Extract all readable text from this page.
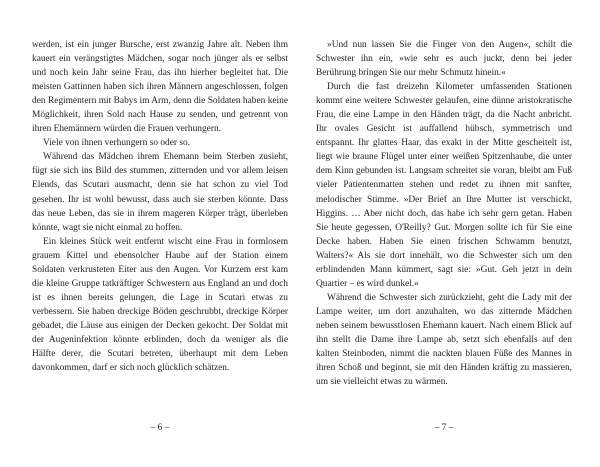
werden, ist ein junger Bursche, erst zwanzig Jahre alt. Neben ihm kauert ein verängstigtes Mädchen, sogar noch jünger als er selbst und noch kein Jahr seine Frau, das ihn hierher begleitet hat. Die meisten Gattinnen haben sich ihren Männern angeschlossen, folgen den Regimentern mit Babys im Arm, denn die Soldaten haben keine Möglichkeit, ihren Sold nach Hause zu senden, und getrennt von ihren Ehemännern würden die Frauen verhungern.

Viele von ihnen verhungern so oder so.

Während das Mädchen ihrem Ehemann beim Sterben zusieht, fügt sie sich ins Bild des stummen, zitternden und vor allem leisen Elends, das Scutari ausmacht, denn sie hat schon zu viel Tod gesehen. Ihr ist wohl bewusst, dass auch sie sterben könnte. Dass das neue Leben, das sie in ihrem mageren Körper trägt, überleben könnte, wagt sie nicht einmal zu hoffen.

Ein kleines Stück weit entfernt wischt eine Frau in formlosem grauem Kittel und ebensolcher Haube auf der Station einem Soldaten verkrusteten Eiter aus den Augen. Vor Kurzem erst kam die kleine Gruppe tatkräftiger Schwestern aus England an und doch ist es ihnen bereits gelungen, die Lage in Scutari etwas zu verbessern. Sie haben dreckige Böden geschrubbt, dreckige Körper gebadet, die Läuse aus einigen der Decken gekocht. Der Soldat mit der Augeninfektion könnte erblinden, doch da weniger als die Hälfte derer, die Scutari betreten, überhaupt mit dem Leben davonkommen, darf er sich noch glücklich schätzen.

– 6 –

»Und nun lassen Sie die Finger von den Augen«, schilt die Schwester ihn ein, »wie sehr es auch juckt, denn bei jeder Berührung bringen Sie nur mehr Schmutz hinein.«

Durch die fast dreizehn Kilometer umfassenden Stationen kommt eine weitere Schwester gelaufen, eine dünne aristokratische Frau, die eine Lampe in den Händen trägt, da die Nacht anbricht. Ihr ovales Gesicht ist auffallend hübsch, symmetrisch und entspannt. Ihr glattes Haar, das exakt in der Mitte gescheitelt ist, liegt wie braune Flügel unter einer weißen Spitzenhaube, die unter dem Kinn gebunden ist. Langsam schreitet sie voran, bleibt am Fuß vieler Patientenmatten stehen und redet zu ihnen mit sanfter, melodischer Stimme. »Der Brief an Ihre Mutter ist verschickt, Higgins. … Aber nicht doch, das habe ich sehr gern getan. Haben Sie heute gegessen, O'Reilly? Gut. Morgen sollte ich für Sie eine Decke haben. Haben Sie einen frischen Schwamm benutzt, Walters?« Als sie dort innehält, wo die Schwester sich um den erblindenden Mann kümmert, sagt sie: »Gut. Geh jetzt in dein Quartier – es wird dunkel.«

Während die Schwester sich zurückzieht, geht die Lady mit der Lampe weiter, um dort anzuhalten, wo das zitternde Mädchen neben seinem bewusstlosen Ehemann kauert. Nach einem Blick auf ihn stellt die Dame ihre Lampe ab, setzt sich ebenfalls auf den kalten Steinboden, nimmt die nackten blauen Füße des Mannes in ihren Schoß und beginnt, sie mit den Händen kräftig zu massieren, um sie vielleicht etwas zu wärmen.

– 7 –
